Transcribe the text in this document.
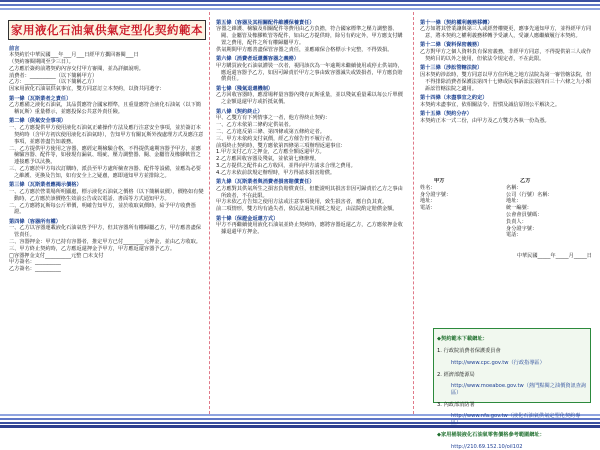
家用液化石油氣供氣定型化契約範本

前言

本契約於中華民國___年___月___日經甲方攜回審閱___日

（契約審閱期間至少三日）。

乙方應於簽約前將契約內容交付甲方審閱，並為詳細說明。

消費者：__________（以下簡稱甲方）

乙方：____________（以下簡稱乙方）

因家用液化石油氣供氣事宜，雙方同意訂立本契約，以資共同遵守：

第一條（瓦斯業者之責任）

乙方應備之液化石油氣，其品質應符合國家標準，且重量應符合液化石油氣（以下簡稱瓦斯）重量標示，並應投保公共意外責任險。

第二條（供氣安全事項）

一、乙方應提供甲方使用液化石油氣正確操作方法及應行注意安全事項，並於簽訂本契約時（含甲方初次使用液化石油氣時），告知甲方有關瓦斯外洩處理方式及應注意事項，並應善盡告知義務。

二、乙方提供甲方使用之容器，應經定期檢驗合格，不得提供逾期容器予甲方，並應檢驗容器、配件等，如發現有漏氣、瑕疵、壓力調整器、閥、金屬管及橡膠軟管之連接應予以汰換。

三、乙方應於甲方每次訂購時，派員至甲方處所檢查容器、配件等設備，並應為必要之維護、更換及告知，如有安全上之疑慮，應即通知甲方並排除之。

第三條（瓦斯業者應揭示價格）

一、乙方應於營業場所明顯處，標示液化石油氣之價格（以下簡稱氣價），價格如有變動時，乙方應於該價格生效前公告或以電話、書面等方式通知甲方。

二、乙方應將瓦斯每公斤單價，明確告知甲方，並於收取氣價時，給予甲方收費憑證。

第四條（容器所有權）

一、乙方以容器運載液化石油氣售予甲方，但其容器所有權歸屬乙方，甲方應善盡保管責任。

二、容器押金：甲方已持有容器者，推定甲方已付________元押金，並由乙方收取。

三、甲方終止契約時，乙方應返還押金予甲方，甲方應返還容器予乙方。

□容器押金支付__________元整 □未支付

甲方簽名：__________

乙方簽名：__________

第五條（容器及其相關配件維護保養責任）

容器之維護、檢驗及相關配件等費用由乙方負擔，符合國家標準之壓力調整器、閥、金屬管及橡膠軟管等配件，如由乙方提供時，除另有約定外，甲方應支付購置之費用，配件之所有權歸屬甲方。

供氣期間甲方應善盡保管容器之責任，並應確保合格標示卡完整，不得毀損。

第六條（消費者返還舊容器之義務）

甲方購買液化石油氣灌裝一次者，視同該次為一年逾期未繼續使用或停止供氣時，應返還容器予乙方，如因可歸責於甲方之事由致容器滅失或毀損者，甲方應負賠償責任。

第七條（殘氣退還機制）

乙方回收容器時，應當場秤量容器內殘存瓦斯重量，並以殘氣重量乘以每公斤單價之金額退還甲方或折抵氣價。

第八條（契約終止）

甲、乙雙方有下列情事之一者，他方得終止契約：

一、乙方未依第二條約定供氣者。

二、乙方違反第三條、第四條或第五條約定者。

三、甲方未依約支付氣價，經乙方催告仍不履行者。

前項終止契約時，雙方應依第四條第三項辦理返還事宜：

1.甲方支付乙方之押金，乙方應全額返還甲方。

2.乙方應回收容器及殘氣，並依第七條辦理。

3.乙方提供之配件由乙方收回，並得向甲方請求合理之費用。

4.乙方未依前款規定辦理時，甲方得請求損害賠償。

第九條（瓦斯業者與消費者損害賠償責任）

乙方應對其供氣所生之損害負賠償責任，但能證明其損害非因可歸責於乙方之事由所致者，不在此限。

甲方未依乙方告知之使用方法或注意事項使用，致生損害者，應自負其責。

前二項情形，雙方均有過失者，依民法過失相抵之規定，由法院酌定賠償金額。

第十條（保證金返還方式）

甲方不再繼續使用液化石油氣並終止契約時，應將容器返還乙方，乙方應依押金收據退還甲方押金。

第十一條（契約權利義務移轉）

乙方如將其營業讓與第三人或經營權變更，應事先通知甲方，並得經甲方同意，將本契約之權利義務移轉予受讓人，受讓人應繼續履行本契約。

第十二條（資料保密義務）

乙方對甲方之個人資料負有保密義務，非經甲方同意，不得提供第三人或作契約目的以外之使用，但依法令規定者，不在此限。

第十三條（涉訟管轄法院）

因本契約涉訟時，雙方同意以甲方住所地之地方法院為第一審管轄法院，但不得排除消費者保護法第四十七條或民事訴訟法第四百三十六條之九小額訴訟管轄法院之適用。

第十四條（未盡事宜之約定）

本契約未盡事宜，依相關法令、習慣及誠信原則公平解決之。

第十五條（契約分存）

本契約正本一式二份，由甲方及乙方雙方各執一份為憑。

甲方

姓名：

身分證字號：

地址：

電話：

乙方

名稱：

公司（行號）名稱：

地址：

統一編號：

公會會員號碼：

負責人：

身分證字號：

電話：

中華民國_____年_____月_____日

◆契約範本下載網址：

1. 行政院消費者保護委員會

http://www.cpc.gov.tw（行政指導區）

2. 經濟部能源局

http://www.moeaboe.gov.tw（熱門點閱之油價資訊查詢區）

3. 內政部消防署

http://www.nfa.gov.tw（液化石油氣供氣定型化契約專區）

◆家用桶裝液化石油氣零售價格參考範圍網址：

http://210.69.152.10/oil102
